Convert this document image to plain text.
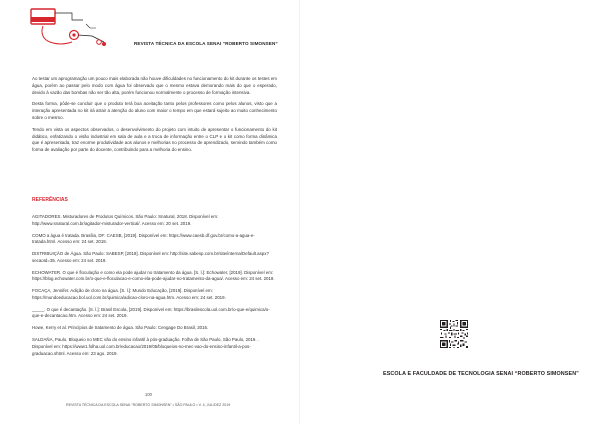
REVISTA TÉCNICA DA ESCOLA SENAI “ROBERTO SIMONSEN”

Ao testar um aprogramação um pouco mais elaborada não houve dificuldades no funcionamento do kit durante os testes em água, porém ao passar pelo modo com água foi observado que o mesmo estava demorando mais do que o esperado, devido à vazão das bombas não ser tão alta, porém funcionou normalmente o processo de formação intensiva.

Desta forma, pôde-se concluir que o produto terá boa aceitação tanto pelos professores como pelos alunos, visto que a interação apresentada no kit irá atrair a atenção do aluno com maior o tempo em que estará sujeito ao muito conhecimento sobre o mesmo.

Tendo em vista os aspectos observados, o desenvolvimento do projeto com intuito de apresentar o funcionamento do kit didático, enfatizando o visão industrial em sala de aula e a troca de informação entre o CLP e o kit como forma dinâmica que é apresentada, traz enorme produtividade aos alunos e melhorias no processo de aprendizado, servindo também como forma de avaliação por parte do docente, contribuindo para a melhoria do ensino.

REFERÊNCIAS
AGITADORES. Misturadores de Produtos Químicos. São Paulo: Snatural, 2018. Disponível em: http://www.snatural.com.br/agitador-misturador-vertical/. Acesso em: 20 set. 2019.
COMO a água é tratada. Brasília, DF: CAESB, [2019]. Disponível em: https://www.caesb.df.gov.br/como-a-agua-e-tratada.html. Acesso em: 24 set. 2019.
DISTRIBUIÇÃO de Água. São Paulo: SABESP, [2019]. Disponível em: http://site.sabesp.com.br/site/interna/Default.aspx?secaoId=35. Acesso em: 24 set. 2019.
ECHOWATER. O que é floculação e como ela pode ajudar no tratamento da água. [S. l.]: Echowater, [2019]. Disponível em: https://blog.echowater.com.br/o-que-e-floculacao-e-como-ela-pode-ajudar-no-tratamento-da-agua/. Acesso em: 24 set. 2019.
FOCAÇA, Jennifer. Adição de cloro na água. [S. l.]: Mundo Educação, [2019]. Disponível em: https://mundoeducacao.bol.uol.com.br/quimica/adicao-cloro-na-agua.htm. Acesso em: 24 set. 2019.
_____. O que é decantação. [S. l.]: Brasil Escola, [2019]. Disponível em: https://brasilescola.uol.com.br/o-que-e/quimica/o-que-e-decantacao.htm. Acesso em: 24 set. 2019.
Howe, Kerry et al. Princípios de tratamento de água. São Paulo: Cengage Do Brasil, 2016.
SALDAÑA, Paulo. Bloqueio no MEC vão do ensino infantil à pós-graduação. Folha de São Paulo, São Paulo, 2019. . Disponível em: https://www1.folha.uol.com.br/educacao/2019/05/bloqueios-no-mec-vao-do-ensino-infantil-a-pos-graduacao.shtml. Acesso em: 23 ago. 2019.
100
REVISTA TÉCNICA DA ESCOLA SENAI “ROBERTO SIMONSEN” • SÃO PAULO • V. 4, JUL/DEZ 2019
ESCOLA E FACULDADE DE TECNOLOGIA SENAI “ROBERTO SIMONSEN”
